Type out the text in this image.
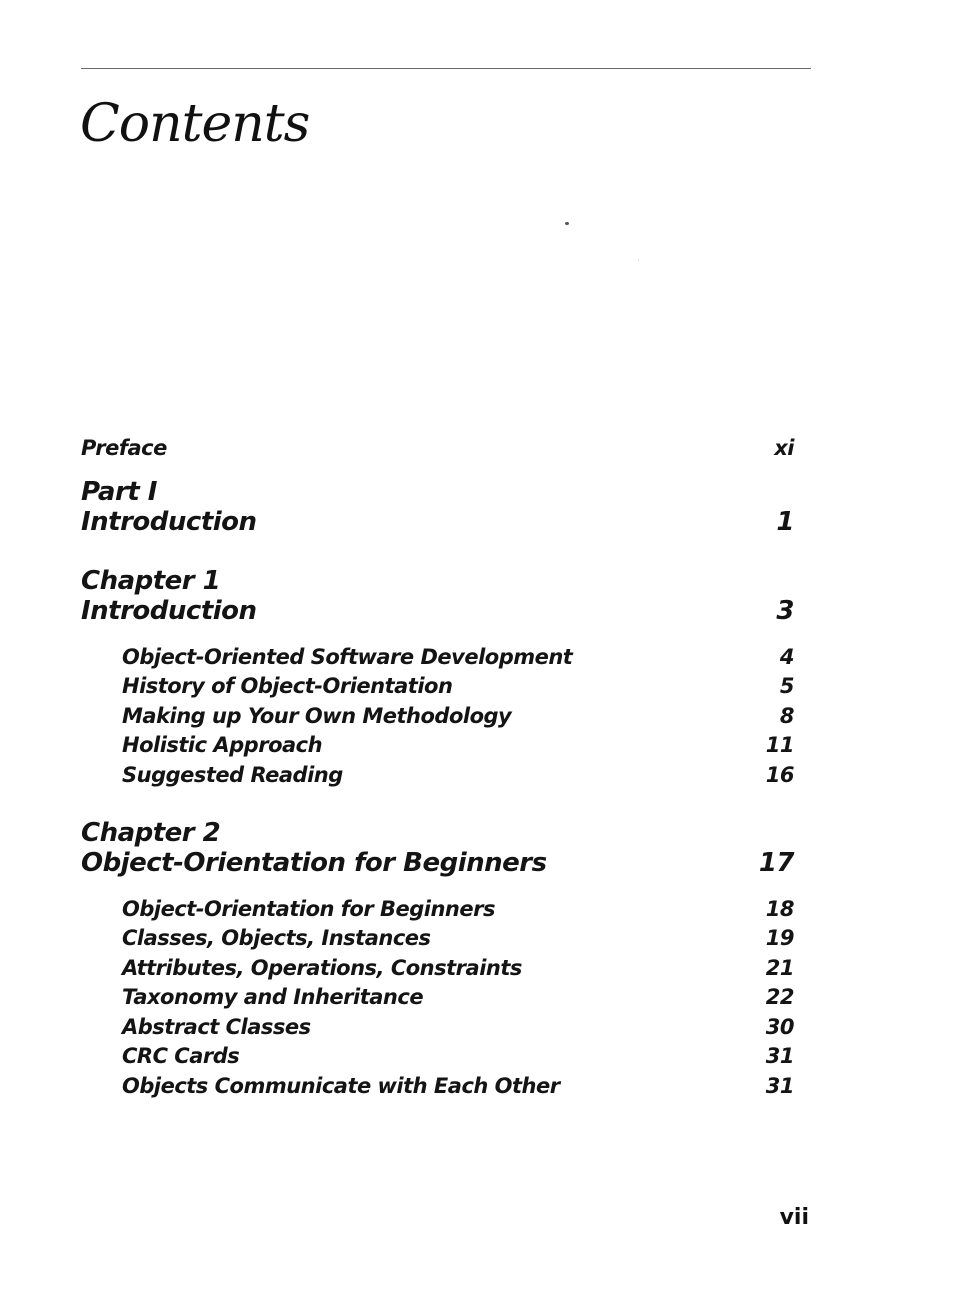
Contents
Preface	xi
Part I
Introduction	1
Chapter 1
Introduction	3
Object-Oriented Software Development	4
History of Object-Orientation	5
Making up Your Own Methodology	8
Holistic Approach	11
Suggested Reading	16
Chapter 2
Object-Orientation for Beginners	17
Object-Orientation for Beginners	18
Classes, Objects, Instances	19
Attributes, Operations, Constraints	21
Taxonomy and Inheritance	22
Abstract Classes	30
CRC Cards	31
Objects Communicate with Each Other	31
vii
